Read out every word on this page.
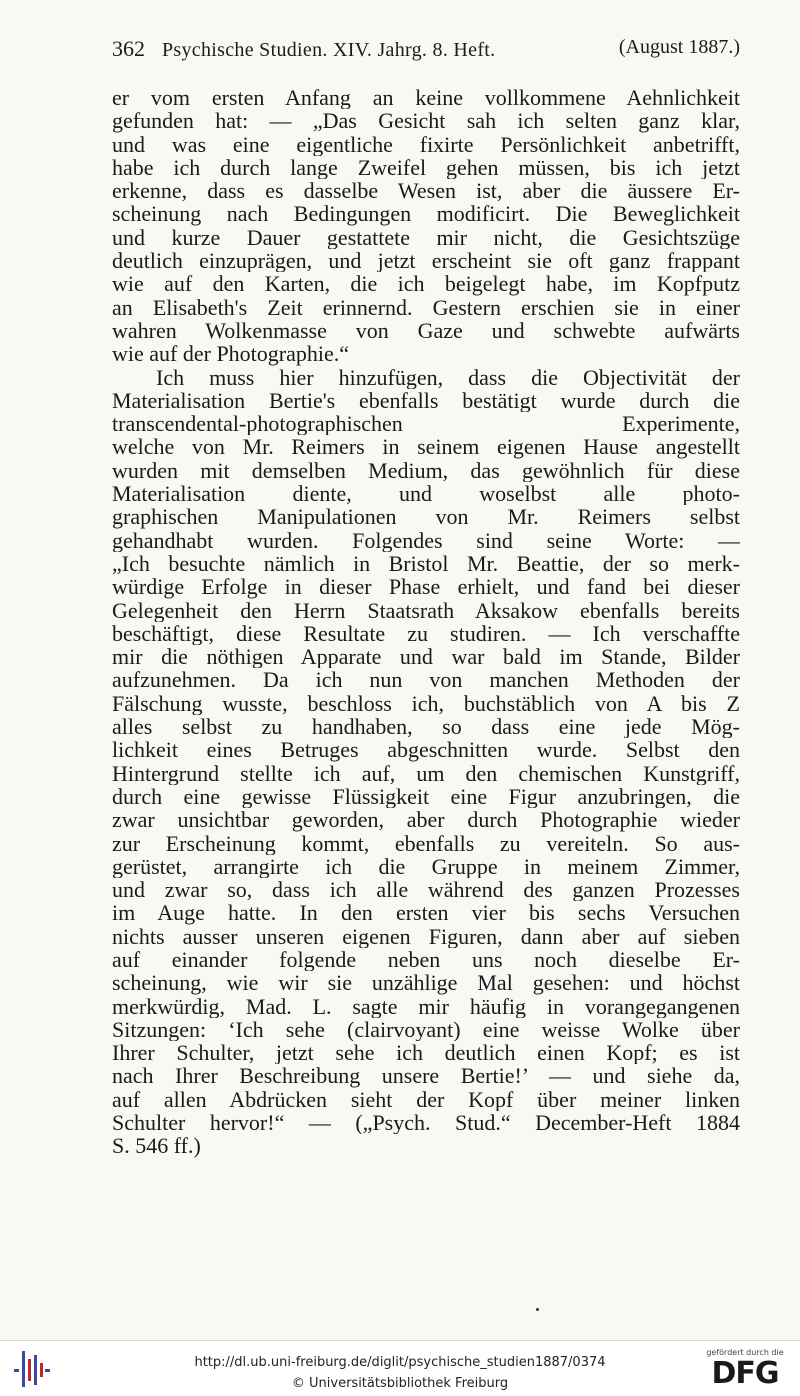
362 Psychische Studien. XIV. Jahrg. 8. Heft.	(August 1887.)
er vom ersten Anfang an keine vollkommene Aehnlichkeit
gefunden hat: — „Das Gesicht sah ich selten ganz klar,
und was eine eigentliche fixirte Persönlichkeit anbetrifft,
habe ich durch lange Zweifel gehen müssen, bis ich jetzt
erkenne, dass es dasselbe Wesen ist, aber die äussere Er-
scheinung nach Bedingungen modificirt. Die Beweglichkeit
und kurze Dauer gestattete mir nicht, die Gesichtszüge
deutlich einzuprägen, und jetzt erscheint sie oft ganz frappant
wie auf den Karten, die ich beigelegt habe, im Kopfputz
an Elisabeth's Zeit erinnernd. Gestern erschien sie in einer
wahren Wolkenmasse von Gaze und schwebte aufwärts
wie auf der Photographie.“
Ich muss hier hinzufügen, dass die Objectivität der
Materialisation Bertie's ebenfalls bestätigt wurde durch die
transcendental-photographischen Experimente,
welche von Mr. Reimers in seinem eigenen Hause angestellt
wurden mit demselben Medium, das gewöhnlich für diese
Materialisation diente, und woselbst alle photo-
graphischen Manipulationen von Mr. Reimers selbst
gehandhabt wurden. Folgendes sind seine Worte: —
„Ich besuchte nämlich in Bristol Mr. Beattie, der so merk-
würdige Erfolge in dieser Phase erhielt, und fand bei dieser
Gelegenheit den Herrn Staatsrath Aksakow ebenfalls bereits
beschäftigt, diese Resultate zu studiren. — Ich verschaffte
mir die nöthigen Apparate und war bald im Stande, Bilder
aufzunehmen. Da ich nun von manchen Methoden der
Fälschung wusste, beschloss ich, buchstäblich von A bis Z
alles selbst zu handhaben, so dass eine jede Mög-
lichkeit eines Betruges abgeschnitten wurde. Selbst den
Hintergrund stellte ich auf, um den chemischen Kunstgriff,
durch eine gewisse Flüssigkeit eine Figur anzubringen, die
zwar unsichtbar geworden, aber durch Photographie wieder
zur Erscheinung kommt, ebenfalls zu vereiteln. So aus-
gerüstet, arrangirte ich die Gruppe in meinem Zimmer,
und zwar so, dass ich alle während des ganzen Prozesses
im Auge hatte. In den ersten vier bis sechs Versuchen
nichts ausser unseren eigenen Figuren, dann aber auf sieben
auf einander folgende neben uns noch dieselbe Er-
scheinung, wie wir sie unzählige Mal gesehen: und höchst
merkwürdig, Mad. L. sagte mir häufig in vorangegangenen
Sitzungen: ‘Ich sehe (clairvoyant) eine weisse Wolke über
Ihrer Schulter, jetzt sehe ich deutlich einen Kopf; es ist
nach Ihrer Beschreibung unsere Bertie!’ — und siehe da,
auf allen Abdrücken sieht der Kopf über meiner linken
Schulter hervor!“ — („Psych. Stud.“ December-Heft 1884
S. 546 ff.)
http://dl.ub.uni-freiburg.de/diglit/psychische_studien1887/0374
© Universitätsbibliothek Freiburg
gefördert durch die
DFG
